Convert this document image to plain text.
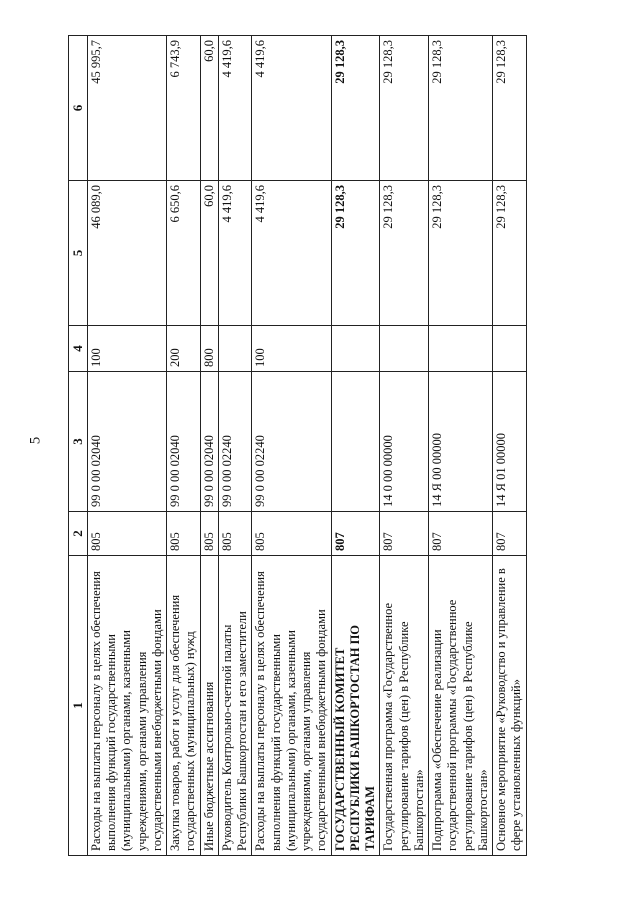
5
1	2	3	4	5	6
Расходы на выплаты персоналу в целях обеспечения выполнения функций государственными (муниципальными) органами, казенными учреждениями, органами управления государственными внебюджетными фондами	805	99 0 00 02040	100	46 089,0	45 995,7
Закупка товаров, работ и услуг для обеспечения государственных (муниципальных) нужд	805	99 0 00 02040	200	6 650,6	6 743,9
Иные бюджетные ассигнования	805	99 0 00 02040	800	60,0	60,0
Руководитель Контрольно-счетной палаты Республики Башкортостан и его заместители	805	99 0 00 02240		4 419,6	4 419,6
Расходы на выплаты персоналу в целях обеспечения выполнения функций государственными (муниципальными) органами, казенными учреждениями, органами управления государственными внебюджетными фондами	805	99 0 00 02240	100	4 419,6	4 419,6
ГОСУДАРСТВЕННЫЙ КОМИТЕТ РЕСПУБЛИКИ БАШКОРТОСТАН ПО ТАРИФАМ	807			29 128,3	29 128,3
Государственная программа «Государственное регулирование тарифов (цен) в Республике Башкортостан»	807	14 0 00 00000		29 128,3	29 128,3
Подпрограмма «Обеспечение реализации государственной программы «Государственное регулирование тарифов (цен) в Республике Башкортостан»	807	14 Я 00 00000		29 128,3	29 128,3
Основное мероприятие «Руководство и управление в сфере установленных функций»	807	14 Я 01 00000		29 128,3	29 128,3
